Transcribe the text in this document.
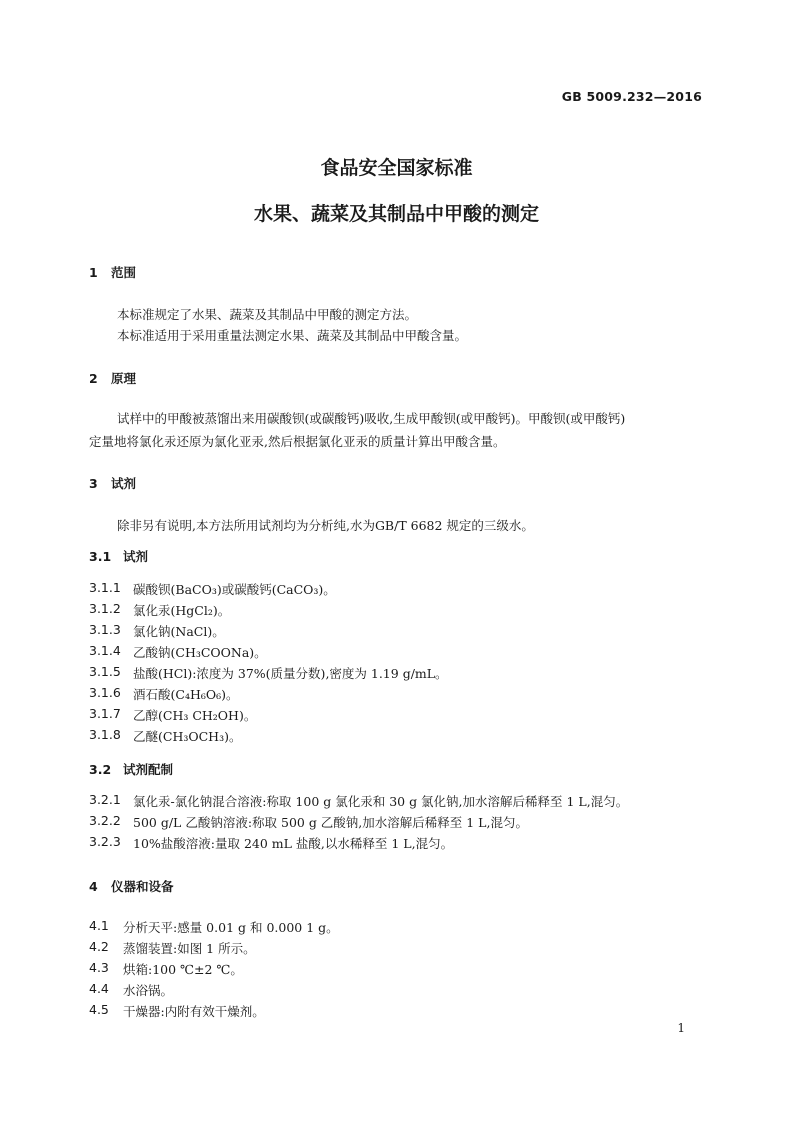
GB 5009.232—2016
食品安全国家标准
水果、蔬菜及其制品中甲酸的测定
1 范围
本标准规定了水果、蔬菜及其制品中甲酸的测定方法。
本标准适用于采用重量法测定水果、蔬菜及其制品中甲酸含量。
2 原理
试样中的甲酸被蒸馏出来用碳酸钡(或碳酸钙)吸收,生成甲酸钡(或甲酸钙)。甲酸钡(或甲酸钙)
定量地将氯化汞还原为氯化亚汞,然后根据氯化亚汞的质量计算出甲酸含量。
3 试剂
除非另有说明,本方法所用试剂均为分析纯,水为GB/T 6682 规定的三级水。
3.1 试剂
3.1.1 碳酸钡(BaCO₃)或碳酸钙(CaCO₃)。
3.1.2 氯化汞(HgCl₂)。
3.1.3 氯化钠(NaCl)。
3.1.4 乙酸钠(CH₃COONa)。
3.1.5 盐酸(HCl):浓度为 37%(质量分数),密度为 1.19 g/mL。
3.1.6 酒石酸(C₄H₆O₆)。
3.1.7 乙醇(CH₃ CH₂OH)。
3.1.8 乙醚(CH₃OCH₃)。
3.2 试剂配制
3.2.1 氯化汞-氯化钠混合溶液:称取 100 g 氯化汞和 30 g 氯化钠,加水溶解后稀释至 1 L,混匀。
3.2.2 500 g/L 乙酸钠溶液:称取 500 g 乙酸钠,加水溶解后稀释至 1 L,混匀。
3.2.3 10%盐酸溶液:量取 240 mL 盐酸,以水稀释至 1 L,混匀。
4 仪器和设备
4.1 分析天平:感量 0.01 g 和 0.000 1 g。
4.2 蒸馏装置:如图 1 所示。
4.3 烘箱:100 ℃±2 ℃。
4.4 水浴锅。
4.5 干燥器:内附有效干燥剂。
1
